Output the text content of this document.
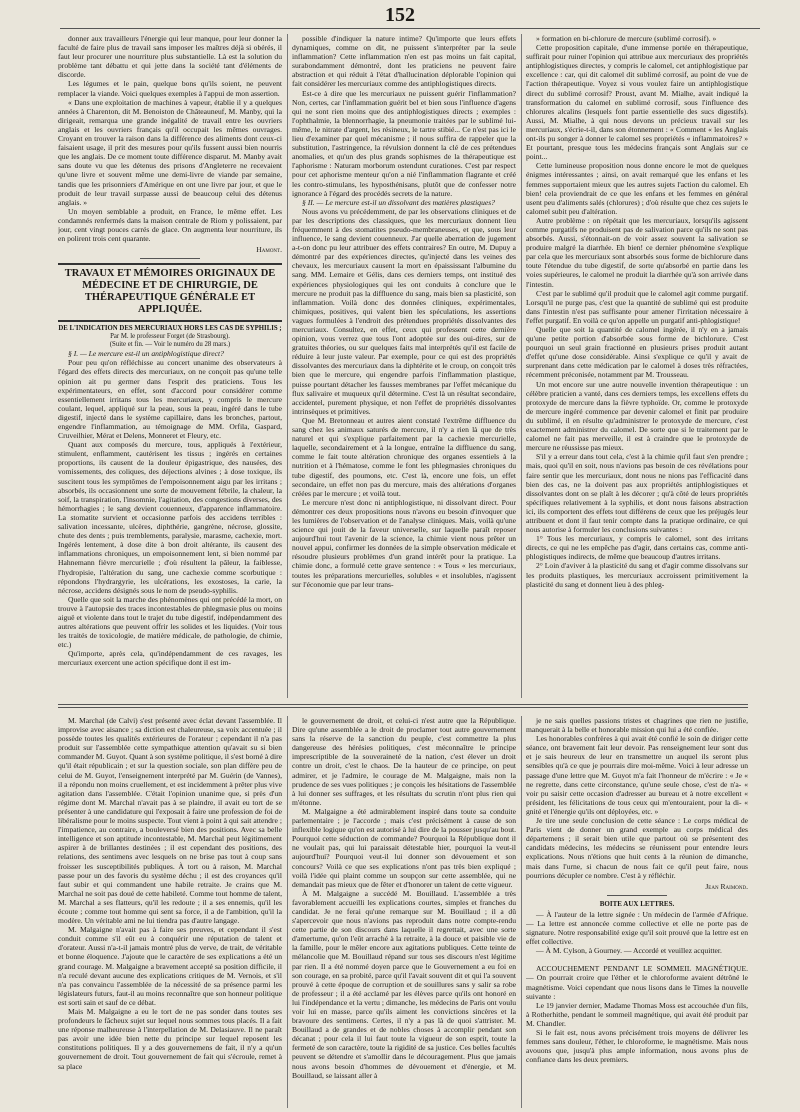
152

donner aux travailleurs l'énergie qui leur manque, pour leur donner la faculté de faire plus de travail sans imposer les maîtres déjà si obérés, il faut leur procurer une nourriture plus substantielle. Là est la solution du problème tant débattu et qui jette dans la société tant d'éléments de discorde.

Les légumes et le pain, quelque bons qu'ils soient, ne peuvent remplacer la viande. Voici quelques exemples à l'appui de mon assertion.

« Dans une exploitation de machines à vapeur, établie il y a quelques années à Charenton, dit M. Benoiston de Châteauneuf, M. Manby, qui la dirigeait, remarqua une grande inégalité de travail entre les ouvriers anglais et les ouvriers français qu'il occupait les mêmes ouvrages. Croyant en trouver la raison dans la différence des aliments dont ceux-ci faisaient usage, il prit des mesures pour qu'ils fussent aussi bien nourris que les anglais. De ce moment toute différence disparut. M. Manby avait sans doute vu que les détenus des prisons d'Angleterre ne recevaient qu'une livre et souvent même une demi-livre de viande par semaine, tandis que les prisonniers d'Amérique en ont une livre par jour, et que le produit de leur travail surpasse aussi de beaucoup celui des détenus anglais. »

Un moyen semblable a produit, en France, le même effet. Les condamnés renfermés dans la maison centrale de Riom y polissaient, par jour, cent vingt pouces carrés de glace. On augmenta leur nourriture, ils en polirent trois cent quarante.

Hamont.

TRAVAUX ET MÉMOIRES ORIGINAUX DE MÉDECINE ET DE CHIRURGIE, DE THÉRAPEUTIQUE GÉNÉRALE ET APPLIQUÉE.

DE L'INDICATION DES MERCURIAUX HORS LES CAS DE SYPHILIS ;

Par M. le professeur Forget (de Strasbourg).

(Suite et fin. — Voir le numéro du 28 mars.)

§ I. — Le mercure est-il un antiphlogistique direct?

Pour peu qu'on réfléchisse au concert unanime des observateurs à l'égard des effets directs des mercuriaux, on ne conçoit pas qu'une telle opinion ait pu germer dans l'esprit des praticiens. Tous les expérimentateurs, en effet, sont d'accord pour considérer comme essentiellement irritans tous les mercuriaux, y compris le mercure coulant, lequel, appliqué sur la peau, sous la peau, ingéré dans le tube digestif, injecté dans le système capillaire, dans les bronches, partout, engendre l'inflammation, au témoignage de MM. Orfila, Gaspard, Cruveilhier, Mérat et Delens, Monneret et Fleury, etc.

Quant aux composés du mercure, tous, appliqués à l'extérieur, stimulent, enflamment, cautérisent les tissus ; ingérés en certaines proportions, ils causent de la douleur épigastrique, des nausées, des vomissements, des coliques, des déjections alvines ; à dose toxique, ils suscitent tous les symptômes de l'empoisonnement aigu par les irritans ; absorbés, ils occasionnent une sorte de mouvement fébrile, la chaleur, la soif, la transpiration, l'insomnie, l'agitation, des congestions diverses, des hémorrhagies ; le sang devient couenneux, d'apparence inflammatoire. La stomatite survient et occasionne parfois des accidens terribles : salivation incessante, ulcères, diphthérie, gangrène, nécrose, glossite, chute des dents ; puis tremblements, paralysie, marasme, cachexie, mort. Ingérés lentement, à dose dite à bon droit altérante, ils causent des inflammations chroniques, un empoisonnement lent, si bien nommé par Hahnemann fièvre mercurielle ; d'où résultent la pâleur, la faiblesse, l'hydropisie, l'altération du sang, une cachexie comme scorbutique : répondons l'hydrargyrie, les ulcérations, les exostoses, la carie, la nécrose, accidens désignés sous le nom de pseudo-syphilis.

Quelle que soit la marche des phénomènes qui ont précédé la mort, on trouve à l'autopsie des traces incontestables de phlegmasie plus ou moins aiguë et violente dans tout le trajet du tube digestif, indépendamment des autres altérations que peuvent offrir les solides et les liquides. (Voir tous les traités de toxicologie, de matière médicale, de pathologie, de chimie, etc.)

Qu'importe, après cela, qu'indépendamment de ces ravages, les mercuriaux exercent une action spécifique dont il est im-

possible d'indiquer la nature intime? Qu'importe que leurs effets dynamiques, comme on dit, ne puissent s'interpréter par la seule inflammation? Cette inflammation n'en est pas moins un fait capital, surabondamment démontré, dont les praticiens ne peuvent faire abstraction et qui réduit à l'état d'hallucination déplorable l'opinion qui fait considérer les mercuriaux comme des antiphlogistiques directs.

Est-ce à dire que les mercuriaux ne puissent guérir l'inflammation? Non, certes, car l'inflammation guérit bel et bien sous l'influence d'agens qui ne sont rien moins que des antiphlogistiques directs ; exemples : l'ophthalmie, la blennorrhagie, la pneumonie traitées par le sublimé lui-même, le nitrate d'argent, les résineux, le tartre stibié... Ce n'est pas ici le lieu d'examiner par quel mécanisme ; il nous suffira de rappeler que la substitution, l'astringence, la révulsion donnent la clé de ces prétendues anomalies, et qu'un des plus grands sophismes de la thérapeutique est l'aphorisme : Naturam morborum ostendunt curationes. C'est par respect pour cet aphorisme menteur qu'on a nié l'inflammation flagrante et créé les contro-stimulans, les hyposthénisans, plutôt que de confesser notre ignorance à l'égard des procédés secrets de la nature.

§ II. — Le mercure est-il un dissolvant des matières plastiques?

Nous avons vu précédemment, de par les observations cliniques et de par les descriptions des classiques, que les mercuriaux donnent lieu fréquemment à des stomatites pseudo-membraneuses, et que, sous leur influence, le sang devient couenneux. J'ar quelle aberration de jugement a-t-on donc pu leur attribuer des effets contraires? En outre, M. Dupuy a démontré par des expériences directes, qu'injecté dans les veines des chevaux, les mercuriaux causent la mort en épaississant l'albumine du sang. MM. Lemaire et Gélis, dans ces derniers temps, ont institué des expériences physiologiques qui les ont conduits à conclure que le mercure ne produit pas la diffluence du sang, mais bien sa plasticité, son inflammation. Voilà donc des données cliniques, expérimentales, chimiques, positives, qui valent bien les spéculations, les assertions vagues formulées à l'endroit des prétendues propriétés dissolvantes des mercuriaux. Consultez, en effet, ceux qui professent cette dernière opinion, vous verrez que tous l'ont adoptée sur des oui-dires, sur de gratuites théories, ou sur quelques faits mal interprétés qu'il est facile de réduire à leur juste valeur. Par exemple, pour ce qui est des propriétés dissolvantes des mercuriaux dans la diphtérite et le croup, on conçoit très bien que le mercure, qui engendre parfois l'inflammation plastique, puisse pourtant détacher les fausses membranes par l'effet mécanique du flux salivaire et muqueux qu'il détermine. C'est là un résultat secondaire, accidentel, purement physique, et non l'effet de propriétés dissolvantes intrinsèques et primitives.

Que M. Bretonneau et autres aient constaté l'extrême diffluence du sang chez les animaux saturés de mercure, il n'y a rien là que de très naturel et qui s'explique parfaitement par la cachexie mercurielle, laquelle, secondairement et à la longue, entraîne la diffluence du sang, comme le fait toute altération chronique des organes essentiels à la nutrition et à l'hématose, comme le font les phlegmasies chroniques du tube digestif, des poumons, etc. C'est là, encore une fois, un effet secondaire, un effet non pas du mercure, mais des altérations d'organes créées par le mercure ; et voilà tout.

Le mercure n'est donc ni antiphlogistique, ni dissolvant direct. Pour démontrer ces deux propositions nous n'avons eu besoin d'invoquer que les lumières de l'observation et de l'analyse cliniques. Mais, voilà qu'une science qui jouit de la faveur universelle, sur laquelle paraît reposer aujourd'hui tout l'avenir de la science, la chimie vient nous prêter un nouvel appui, confirmer les données de la simple observation médicale et résoudre plusieurs problèmes d'un grand intérêt pour la pratique. La chimie donc, a formulé cette grave sentence : « Tous « les mercuriaux, toutes les préparations mercurielles, solubles « et insolubles, n'agissent sur l'économie que par leur trans-

» formation en bi-chlorure de mercure (sublimé corrosif). »

Cette proposition capitale, d'une immense portée en thérapeutique, suffirait pour ruiner l'opinion qui attribue aux mercuriaux des propriétés antiphlogistiques directes, y compris le calomel, cet antiphlogistique par excellence : car, qui dit calomel dit sublimé corrosif, au point de vue de l'action thérapeutique. Voyez si vous voulez faire un antiphlogistique direct du sublimé corrosif? Proust, avant M. Mialhe, avait indiqué la transformation du calomel en sublimé corrosif, sous l'influence des chlorures alcalins (lesquels font partie essentielle des sucs digestifs). Aussi, M. Mialhe, à qui nous devons un précieux travail sur les mercuriaux, s'écrie-t-il, dans son étonnement : « Comment « les Anglais ont-ils pu songer à donner le calomel ses propriétés « inflammatoires? » Et pourtant, presque tous les médecins français sont Anglais sur ce point...

Cette lumineuse proposition nous donne encore le mot de quelques énigmes intéressantes ; ainsi, on avait remarqué que les enfans et les femmes supportaient mieux que les autres sujets l'action du calomel. Eh bien! cela proviendrait de ce que les enfans et les femmes en général usent peu d'aliments salés (chlorures) ; d'où résulte que chez ces sujets le calomel subit peu d'altération.

Autre problème : on répétait que les mercuriaux, lorsqu'ils agissent comme purgatifs ne produisent pas de salivation parce qu'ils ne sont pas absorbés. Aussi, s'étonnait-on de voir assez souvent la salivation se produire malgré la diarrhée. Eh bien! ce dernier phénomène s'explique par cela que les mercuriaux sont absorbés sous forme de bichlorure dans toute l'étendue du tube digestif, de sorte qu'absorbé en partie dans les voies supérieures, le calomel ne produit la diarrhée qu'à son arrivée dans l'intestin.

C'est par le sublimé qu'il produit que le calomel agit comme purgatif. Lorsqu'il ne purge pas, c'est que la quantité de sublimé qui est produite dans l'intestin n'est pas suffisante pour amener l'irritation nécessaire à l'effet purgatif. En voilà ce qu'on appelle un purgatif anti-phlogistique!

Quelle que soit la quantité de calomel ingérée, il n'y en a jamais qu'une petite portion d'absorbée sous forme de bichlorure. C'est pourquoi un seul grain fractionné en plusieurs prises produit autant d'effet qu'une dose considérable. Ainsi s'explique ce qu'il y avait de surprenant dans cette médication par le calomel à doses très réfractées, récemment préconisée, notamment par M. Trousseau.

Un mot encore sur une autre nouvelle invention thérapeutique : un célèbre praticien a vanté, dans ces derniers temps, les excellens effets du protoxyde de mercure dans la fièvre typhoïde. Or, comme le protoxyde de mercure ingéré commence par devenir calomel et finit par produire du sublimé, il en résulte qu'administrer le protoxyde de mercure, c'est exactement administrer du calomel. De sorte que si le traitement par le calomel ne fait pas merveille, il est à craindre que le protoxyde de mercure ne réussisse pas mieux.

S'il y a erreur dans tout cela, c'est à la chimie qu'il faut s'en prendre ; mais, quoi qu'il en soit, nous n'avions pas besoin de ces révélations pour faire sentir que les mercuriaux, dont nous ne nions pas l'efficacité dans bien des cas, ne la doivent pas aux propriétés antiphlogistiques et dissolvantes dont on se plaît à les décorer ; qu'à côté de leurs propriétés spécifiques relativement à la syphilis, et dont nous faisons abstraction ici, ils comportent des effets tout différens de ceux que les préjugés leur attribuent et dont il faut tenir compte dans la pratique ordinaire, ce qui nous autorise à formuler les conclusions suivantes :

1° Tous les mercuriaux, y compris le calomel, sont des irritans directs, ce qui ne les empêche pas d'agir, dans certains cas, comme anti-phlogistiques indirects, de même que beaucoup d'autres irritans.

2° Loin d'aviver à la plasticité du sang et d'agir comme dissolvans sur les produits plastiques, les mercuriaux accroissent primitivement la plasticité du sang et donnent lieu à des phleg-

M. Marchal (de Calvi) s'est présenté avec éclat devant l'assemblée. Il improvise avec aisance ; sa diction est chaleureuse, sa voix accentuée ; il possède toutes les qualités extérieures de l'orateur ; cependant il n'a pas produit sur l'assemblée cette sympathique attention qu'avait su si bien commander M. Guyot. Quant à son système politique, il s'est borné à dire qu'il était républicain ; et sur la question sociale, son plan diffère peu de celui de M. Guyot, l'enseignement interprété par M. Guérin (de Vannes), il a répondu non moins cruellement, et est incidemment à prêter plus vive agitation dans l'assemblée. C'était l'opinion unanime que, si près d'un régime dont M. Marchal n'avait pas à se plaindre, il avait eu tort de se présenter à une candidature qui l'exposait à faire une profession de foi de libéralisme pour le moins suspecte. Tout vient à point à qui sait attendre ; l'impatience, au contraire, a bouleversé bien des positions. Avec sa belle intelligence et son aptitude incontestable, M. Marchal peut légitimement aspirer à de brillantes destinées ; il est cependant des positions, des relations, des sentimens avec lesquels on ne brise pas tout à coup sans froisser les susceptibilités publiques. À tort ou à raison, M. Marchal passe pour un des favoris du système déchu ; il est des croyances qu'il faut subir et qui commandent une habile retraite. Je crains que M. Marchal ne soit pas doué de cette habileté. Comme tout homme de talent, M. Marchal a ses flatteurs, qu'il les redoute ; il a ses ennemis, qu'il les écoute ; comme tout homme qui sent sa force, il a de l'ambition, qu'il la modère. Un véritable ami ne lui tiendra pas d'autre langage.

M. Malgaigne n'avait pas à faire ses preuves, et cependant il s'est conduit comme s'il eût eu à conquérir une réputation de talent et d'orateur. Aussi n'a-t-il jamais montré plus de verve, de trait, de véritable et bonne éloquence. J'ajoute que le caractère de ses explications a été un grand courage. M. Malgaigne a bravement accepté sa position difficile, il n'a reculé devant aucune des explications critiques de M. Vernois, et s'il n'a pas convaincu l'assemblée de la nécessité de sa présence parmi les législateurs futurs, faut-il au moins reconnaître que son honneur politique est sorti sain et sauf de ce débat.

Mais M. Malgaigne a eu le tort de ne pas sonder dans toutes ses profondeurs le fâcheux sujet sur lequel nous sommes tous placés. Il a fait une réponse malheureuse à l'interpellation de M. Delasiauve. Il ne paraît pas avoir une idée bien nette du principe sur lequel reposent les constitutions politiques. Il y a des gouvernemens de fait, il n'y a qu'un gouvernement de droit. Tout gouvernement de fait qui s'écroule, remet à sa place

le gouvernement de droit, et celui-ci n'est autre que la République. Dire qu'une assemblée a le droit de proclamer tout autre gouvernement sans la réserve de la sanction du peuple, c'est commettre la plus dangereuse des hérésies politiques, c'est méconnaître le principe imprescriptible de la souveraineté de la nation, c'est élever un droit contre un droit, c'est le chaos. De la hauteur de ce principe, on peut admirer, et je l'admire, le courage de M. Malgaigne, mais non la prudence de ses vues politiques ; je conçois les hésitations de l'assemblée à lui donner ses suffrages, et les résultats du scrutin n'ont plus rien qui m'étonne.

M. Malgaigne a été admirablement inspiré dans toute sa conduite parlementaire ; je l'accorde ; mais c'est précisément à cause de son inflexible logique qu'on est autorisé à lui dire de la pousser jusqu'au bout. Pourquoi cette séduction de commande? Pourquoi la République dont il ne voulait pas, qui lui paraissait détestable hier, pourquoi la veut-il aujourd'hui? Pourquoi veut-il lui donner son dévouement et son concours? Voilà ce que ses explications n'ont pas très bien expliqué ; voilà l'idée qui plaint comme un soupçon sur cette assemblée, qui ne demandait pas mieux que de fêter et d'honorer un talent de cette vigueur.

À M. Malgaigne a succédé M. Bouillaud. L'assemblée a très favorablement accueilli les explications courtes, simples et franches du candidat. Je ne ferai qu'une remarque sur M. Bouillaud ; il a dû s'apercevoir que nous n'avions pas reproduit dans notre compte-rendu cette partie de son discours dans laquelle il regrettait, avec une sorte d'amertume, qu'on l'eût arraché à la retraite, à la douce et paisible vie de la famille, pour le mêler encore aux agitations publiques. Cette teinte de mélancolie que M. Bouillaud répand sur tous ses discours n'est légitime par rien. Il a été nommé doyen parce que le Gouvernement a eu foi en son courage, en sa probité, parce qu'il l'avait souvent dit et qui l'a souvent prouvé à cette époque de corruption et de souillures sans y salir sa robe de professeur ; il a été acclamé par les élèves parce qu'ils ont honoré en lui l'indépendance et la vertu ; dimanche, les médecins de Paris ont voulu voir lui en masse, parce qu'ils aiment les convictions sincères et la bravoure des sentimens. Certes, il n'y a pas là de quoi s'attrister. M. Bouillaud a de grandes et de nobles choses à accomplir pendant son décanat ; pour cela il lui faut toute la vigueur de son esprit, toute la fermeté de son caractère, toute la rigidité de sa justice. Ces belles facultés peuvent se détendre et s'amollir dans le découragement. Plus que jamais nous avons besoin d'hommes de dévouement et d'énergie, et M. Bouillaud, se laissant aller à

je ne sais quelles passions tristes et chagrines que rien ne justifie, manquerait à la belle et honorable mission qui lui a été confiée.

Les honorables confrères à qui avait été confié le soin de diriger cette séance, ont bravement fait leur devoir. Pas renseignement leur sont dus et je sais heureux de leur en transmettre un auquel ils seront plus sensibles qu'à ce que je pourrais dire moi-même. Voici à leur adresse un passage d'une lettre que M. Guyot m'a fait l'honneur de m'écrire : « Je « ne regrette, dans cette circonstance, qu'une seule chose, c'est de n'a- « voir pu saisir cette occasion d'adresser au bureau et à notre excellent « président, les félicitations de tous ceux qui m'entouraient, pour la di- « gnité et l'énergie qu'ils ont déployées, etc. »

Je tire une seule conclusion de cette séance : Le corps médical de Paris vient de donner un grand exemple au corps médical des départemens ; il serait bien utile que partout où se présentent des candidats médecins, les médecins se réunissent pour entendre leurs explications. Nous n'étions que huit cents à la réunion de dimanche, mais dans l'urne, si chacun de nous fait ce qu'il peut faire, nous pourrions décupler ce nombre. C'est à y réfléchir.

Jean Raimond.

BOITE AUX LETTRES.

— À l'auteur de la lettre signée : Un médecin de l'armée d'Afrique. — La lettre est annoncée comme collective et elle ne porte pas de signature. Notre responsabilité exige qu'il soit prouvé que la lettre est en effet collective.

— À M. Cylson, à Gourney. — Accordé et veuillez acquitter.

ACCOUCHEMENT PENDANT LE SOMMEIL MAGNÉTIQUE. — On pourrait croire que l'éther et le chloroforme avaient détrôné le magnétisme. Voici cependant que nous lisons dans le Times la nouvelle suivante :

Le 19 janvier dernier, Madame Thomas Moss est accouchée d'un fils, à Rotherhithe, pendant le sommeil magnétique, qui avait été produit par M. Chandler.

Si le fait est, nous avons précisément trois moyens de délivrer les femmes sans douleur, l'éther, le chloroforme, le magnétisme. Mais nous avouons que, jusqu'à plus ample information, nous avons plus de confiance dans les deux premiers.
